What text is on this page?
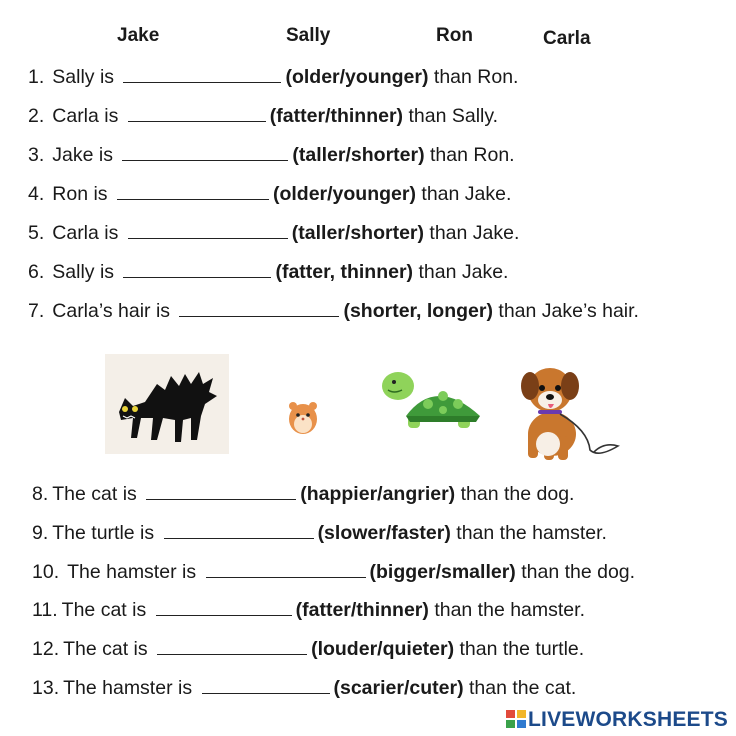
Jake	Sally	Ron	Carla
1. Sally is	(older/younger) than Ron.
2. Carla is	(fatter/thinner) than Sally.
3. Jake is	(taller/shorter) than Ron.
4. Ron is	(older/younger) than Jake.
5. Carla is	(taller/shorter) than Jake.
6. Sally is	(fatter, thinner) than Jake.
7. Carla’s hair is	(shorter, longer) than Jake’s hair.
8. The cat is	(happier/angrier) than the dog.
9. The turtle is	(slower/faster) than the hamster.
10. The hamster is	(bigger/smaller) than the dog.
11. The cat is	(fatter/thinner) than the hamster.
12. The cat is	(louder/quieter) than the turtle.
13. The hamster is	(scarier/cuter) than the cat.
LIVEWORKSHEETS
